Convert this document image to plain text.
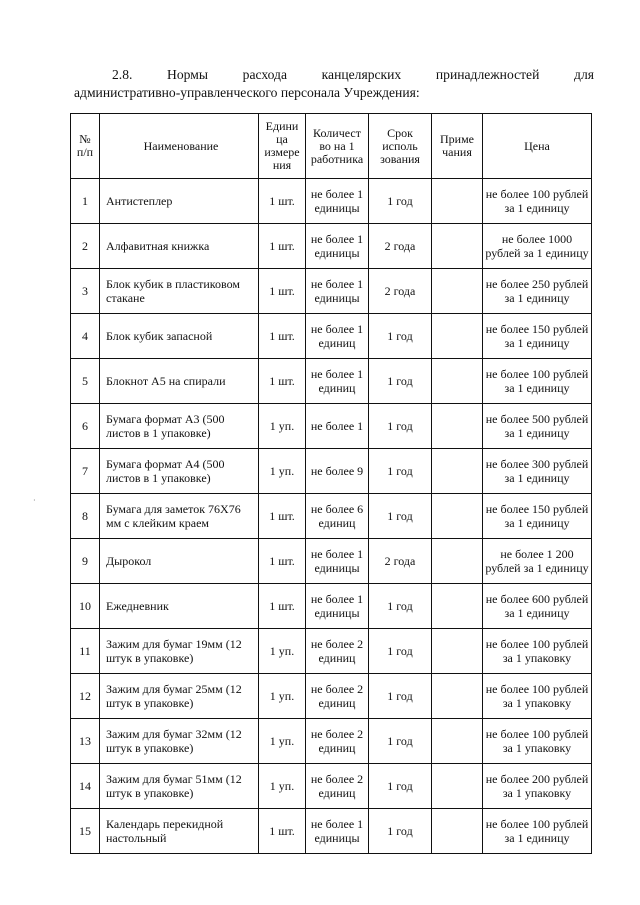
2.8. Нормы расхода канцелярских принадлежностей для
административно-управленческого персонала Учреждения:
·
№ п/п	Наименование	Едини ца измере ния	Количест во на 1 работника	Срок исполь зования	Приме чания	Цена
1	Антистеплер	1 шт.	не более 1 единицы	1 год		не более 100 рублей за 1 единицу
2	Алфавитная книжка	1 шт.	не более 1 единицы	2 года		не более 1000 рублей за 1 единицу
3	Блок кубик в пластиковом стакане	1 шт.	не более 1 единицы	2 года		не более 250 рублей за 1 единицу
4	Блок кубик запасной	1 шт.	не более 1 единиц	1 год		не более 150 рублей за 1 единицу
5	Блокнот А5 на спирали	1 шт.	не более 1 единиц	1 год		не более 100 рублей за 1 единицу
6	Бумага формат А3 (500 листов в 1 упаковке)	1 уп.	не более 1	1 год		не более 500 рублей за 1 единицу
7	Бумага формат А4 (500 листов в 1 упаковке)	1 уп.	не более 9	1 год		не более 300 рублей за 1 единицу
8	Бумага для заметок 76Х76 мм с клейким краем	1 шт.	не более 6 единиц	1 год		не более 150 рублей за 1 единицу
9	Дырокол	1 шт.	не более 1 единицы	2 года		не более 1 200 рублей за 1 единицу
10	Ежедневник	1 шт.	не более 1 единицы	1 год		не более 600 рублей за 1 единицу
11	Зажим для бумаг 19мм (12 штук в упаковке)	1 уп.	не более 2 единиц	1 год		не более 100 рублей за 1 упаковку
12	Зажим для бумаг 25мм (12 штук в упаковке)	1 уп.	не более 2 единиц	1 год		не более 100 рублей за 1 упаковку
13	Зажим для бумаг 32мм (12 штук в упаковке)	1 уп.	не более 2 единиц	1 год		не более 100 рублей за 1 упаковку
14	Зажим для бумаг 51мм (12 штук в упаковке)	1 уп.	не более 2 единиц	1 год		не более 200 рублей за 1 упаковку
15	Календарь перекидной настольный	1 шт.	не более 1 единицы	1 год		не более 100 рублей за 1 единицу
